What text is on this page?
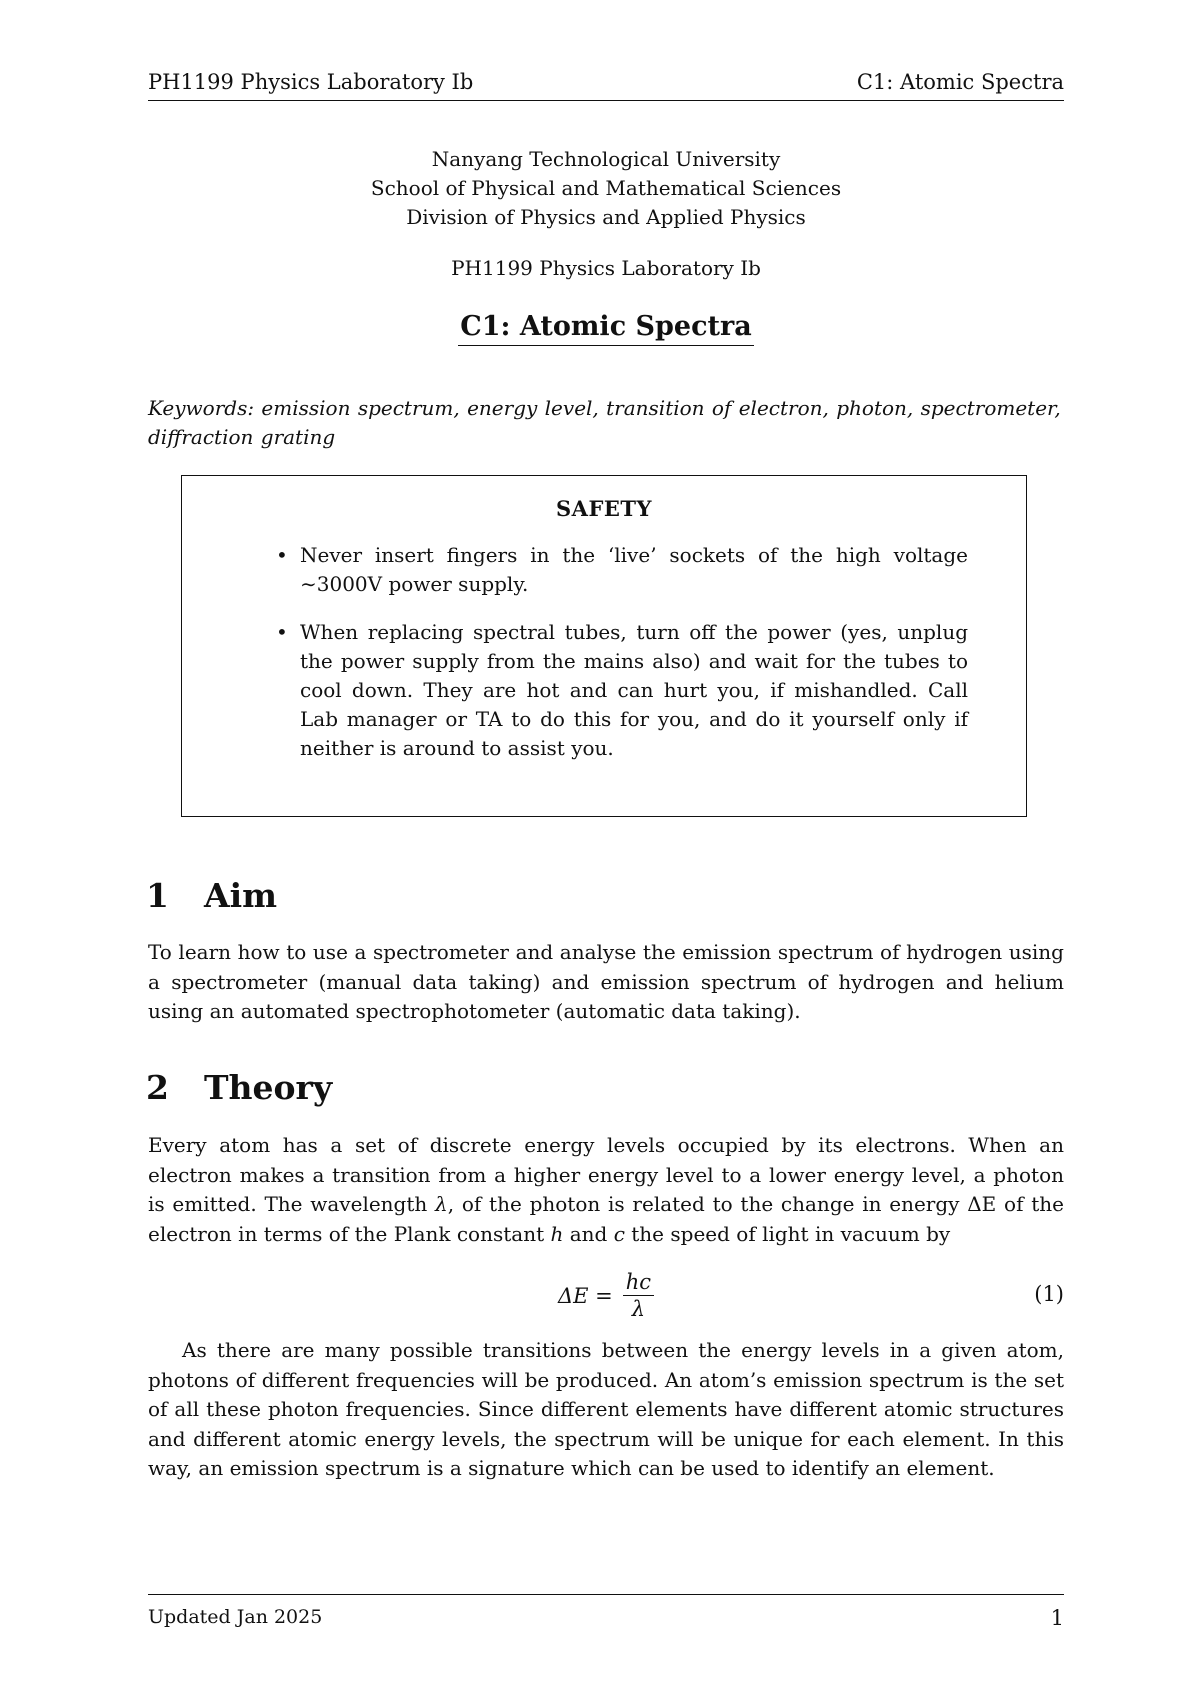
PH1199 Physics Laboratory Ib	C1: Atomic Spectra
Nanyang Technological University
School of Physical and Mathematical Sciences
Division of Physics and Applied Physics
PH1199 Physics Laboratory Ib
C1: Atomic Spectra
Keywords: emission spectrum, energy level, transition of electron, photon, spectrometer, diffraction grating
SAFETY
• Never insert fingers in the ‘live’ sockets of the high voltage ∼3000V power supply.
• When replacing spectral tubes, turn off the power (yes, unplug the power supply from the mains also) and wait for the tubes to cool down. They are hot and can hurt you, if mishandled. Call Lab manager or TA to do this for you, and do it yourself only if neither is around to assist you.
1	Aim

To learn how to use a spectrometer and analyse the emission spectrum of hydrogen using a spectrometer (manual data taking) and emission spectrum of hydrogen and helium using an automated spectrophotometer (automatic data taking).

2	Theory

Every atom has a set of discrete energy levels occupied by its electrons. When an electron makes a transition from a higher energy level to a lower energy level, a photon is emitted. The wavelength λ, of the photon is related to the change in energy ΔE of the electron in terms of the Plank constant h and c the speed of light in vacuum by

$\Delta E = \frac{hc}{\lambda}$	(1)

As there are many possible transitions between the energy levels in a given atom, photons of different frequencies will be produced. An atom’s emission spectrum is the set of all these photon frequencies. Since different elements have different atomic structures and different atomic energy levels, the spectrum will be unique for each element. In this way, an emission spectrum is a signature which can be used to identify an element.

Updated Jan 2025	1
